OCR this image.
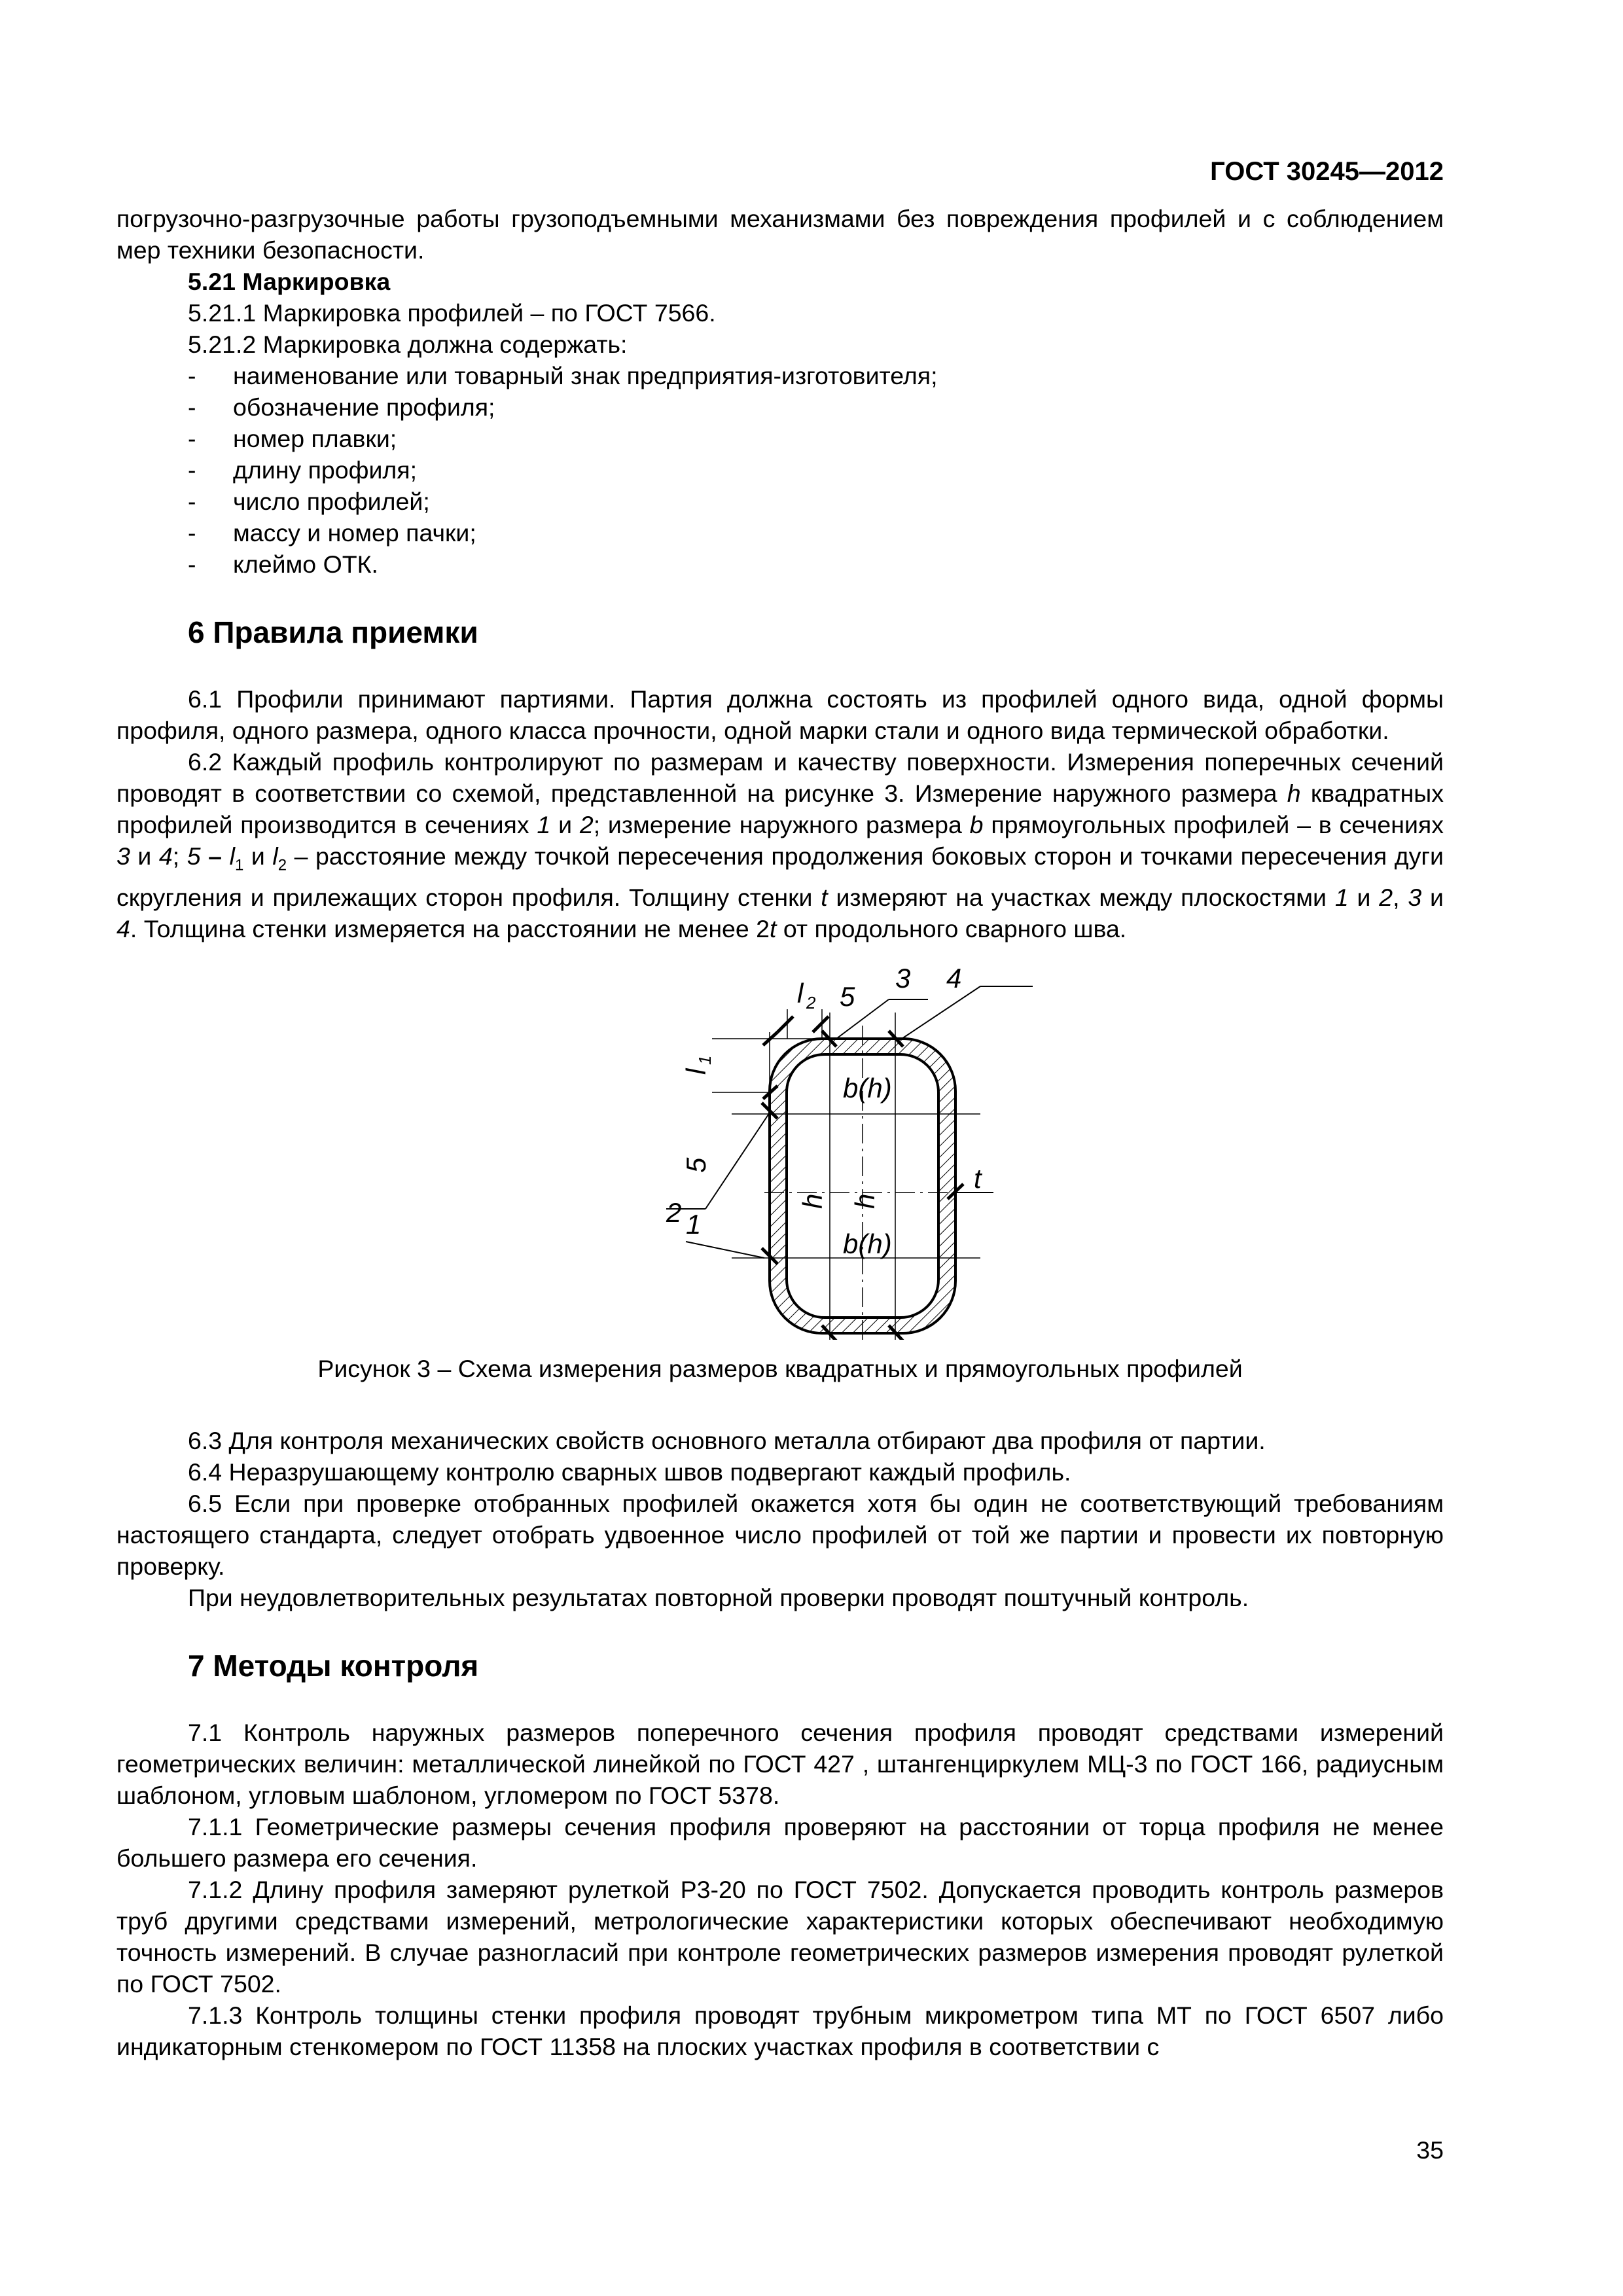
ГОСТ 30245—2012

погрузочно-разгрузочные работы грузоподъемными механизмами без повреждения профилей и с соблюдением мер техники безопасности.

5.21 Маркировка

5.21.1 Маркировка профилей – по ГОСТ 7566.

5.21.2 Маркировка должна содержать:

- наименование или товарный знак предприятия-изготовителя;
- обозначение профиля;
- номер плавки;
- длину профиля;
- число профилей;
- массу и номер пачки;
- клеймо ОТК.
6 Правила приемки

6.1 Профили принимают партиями. Партия должна состоять из профилей одного вида, одной формы профиля, одного размера, одного класса прочности, одной марки стали и одного вида термической обработки.

6.2 Каждый профиль контролируют по размерам и качеству поверхности. Измерения поперечных сечений проводят в соответствии со схемой, представленной на рисунке 3. Измерение наружного размера h квадратных профилей производится в сечениях 1 и 2; измерение наружного размера b прямоугольных профилей – в сечениях 3 и 4; $5 - l_1$ и $l_2$ – расстояние между точкой пересечения продолжения боковых сторон и точками пересечения дуги скругления и прилежащих сторон профиля. Толщину стенки t измеряют на участках между плоскостями 1 и 2, 3 и 4. Толщина стенки измеряется на расстоянии не менее 2t от продольного сварного шва.

l 2 5
3 4
l
1
5
2 1
b(h)
b(h)
h h
t
Рисунок 3 – Схема измерения размеров квадратных и прямоугольных профилей

6.3 Для контроля механических свойств основного металла отбирают два профиля от партии.

6.4 Неразрушающему контролю сварных швов подвергают каждый профиль.

6.5 Если при проверке отобранных профилей окажется хотя бы один не соответствующий требованиям настоящего стандарта, следует отобрать удвоенное число профилей от той же партии и провести их повторную проверку.

При неудовлетворительных результатах повторной проверки проводят поштучный контроль.

7 Методы контроля

7.1 Контроль наружных размеров поперечного сечения профиля проводят средствами измерений геометрических величин: металлической линейкой по ГОСТ 427 , штангенциркулем МЦ-3 по ГОСТ 166, радиусным шаблоном, угловым шаблоном, угломером по ГОСТ 5378.

7.1.1 Геометрические размеры сечения профиля проверяют на расстоянии от торца профиля не менее большего размера его сечения.

7.1.2 Длину профиля замеряют рулеткой Р3-20 по ГОСТ 7502. Допускается проводить контроль размеров труб другими средствами измерений, метрологические характеристики которых обеспечивают необходимую точность измерений. В случае разногласий при контроле геометрических размеров измерения проводят рулеткой по ГОСТ 7502.

7.1.3 Контроль толщины стенки профиля проводят трубным микрометром типа МТ по ГОСТ 6507 либо индикаторным стенкомером по ГОСТ 11358 на плоских участках профиля в соответствии с

35
